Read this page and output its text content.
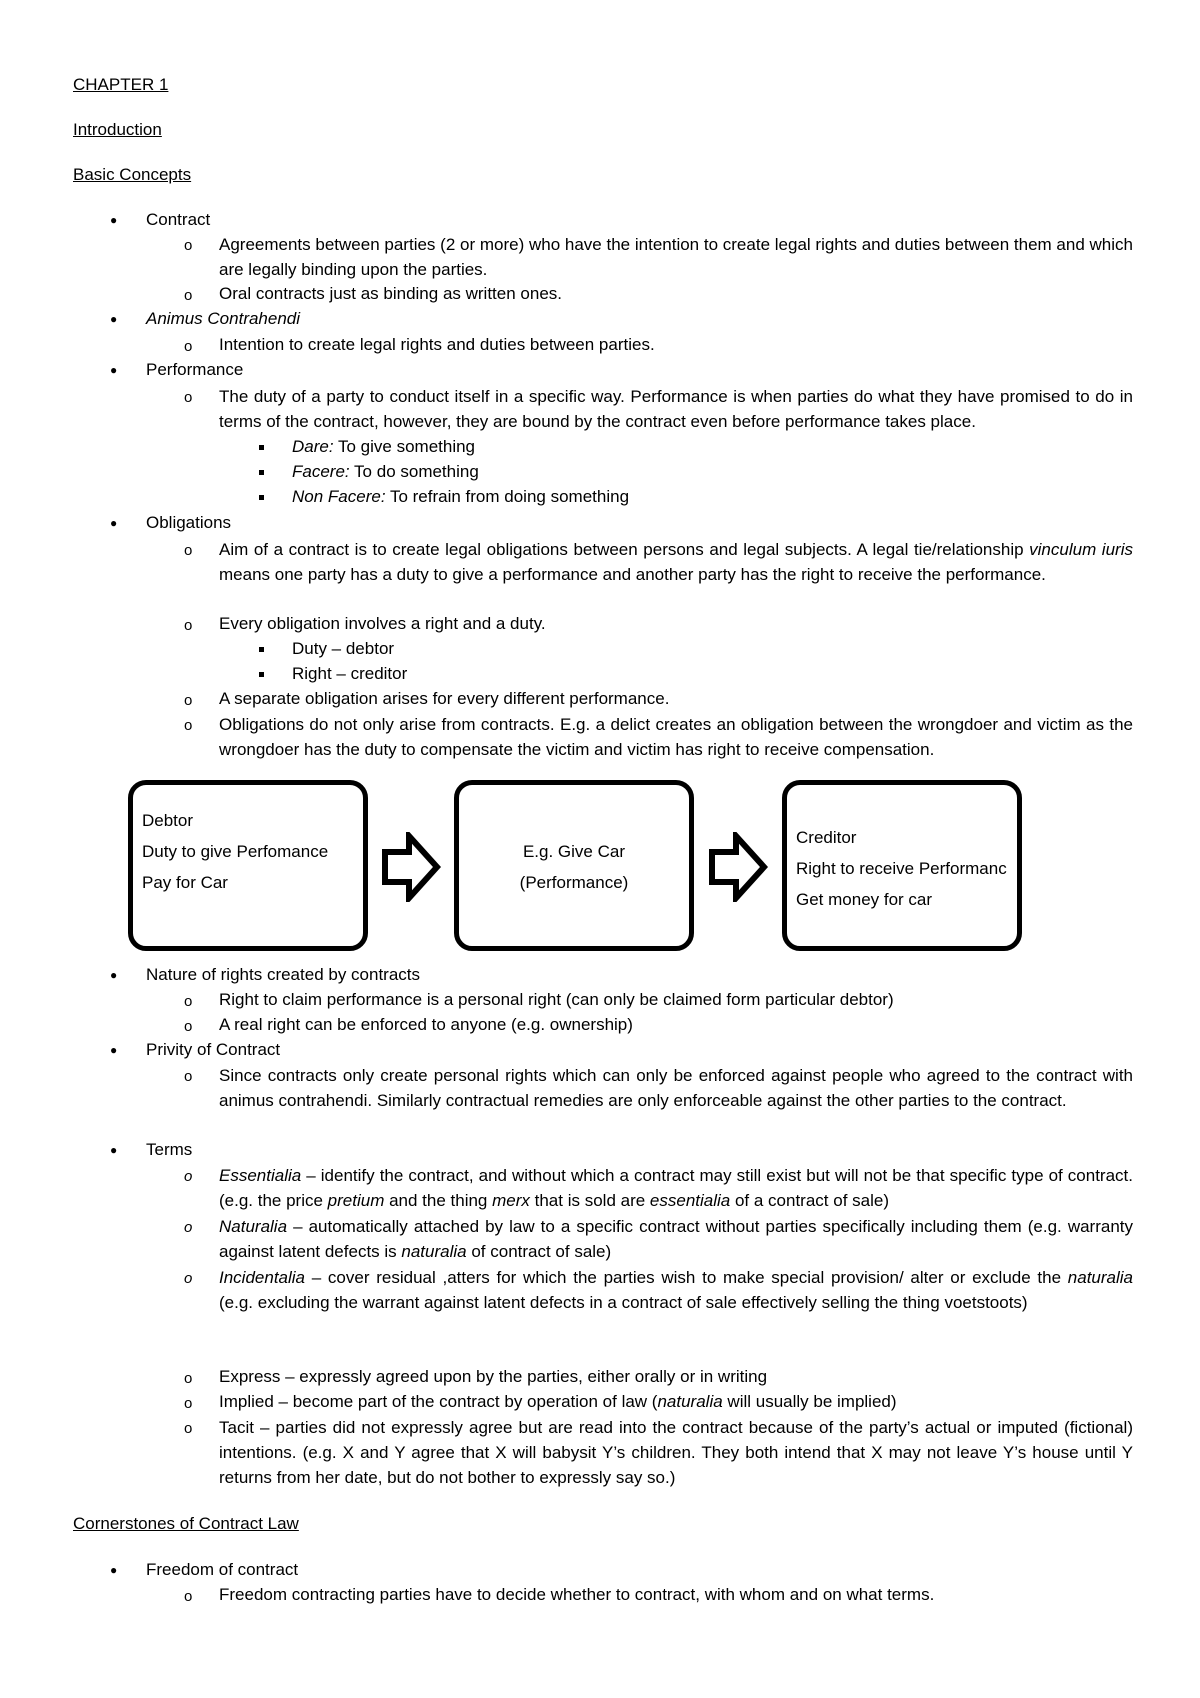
CHAPTER 1
Introduction
Basic Concepts
● Contract
o Agreements between parties (2 or more) who have the intention to create legal rights and duties between them and which are legally binding upon the parties.
o Oral contracts just as binding as written ones.
● Animus Contrahendi
o Intention to create legal rights and duties between parties.
● Performance
o The duty of a party to conduct itself in a specific way. Performance is when parties do what they have promised to do in terms of the contract, however, they are bound by the contract even before performance takes place.
Dare: To give something
Facere: To do something
Non Facere: To refrain from doing something
● Obligations
o Aim of a contract is to create legal obligations between persons and legal subjects. A legal tie/relationship vinculum iuris means one party has a duty to give a performance and another party has the right to receive the performance.
o Every obligation involves a right and a duty.
Duty – debtor
Right – creditor
o A separate obligation arises for every different performance.
o Obligations do not only arise from contracts. E.g. a delict creates an obligation between the wrongdoer and victim as the wrongdoer has the duty to compensate the victim and victim has right to receive compensation.
Debtor
Duty to give Perfomance
Pay for Car
E.g. Give Car
(Performance)
Creditor
Right to receive Performanc
Get money for car
● Nature of rights created by contracts
o Right to claim performance is a personal right (can only be claimed form particular debtor)
o A real right can be enforced to anyone (e.g. ownership)
● Privity of Contract
o Since contracts only create personal rights which can only be enforced against people who agreed to the contract with animus contrahendi. Similarly contractual remedies are only enforceable against the other parties to the contract.
● Terms
o Essentialia – identify the contract, and without which a contract may still exist but will not be that specific type of contract.(e.g. the price pretium and the thing merx that is sold are essentialia of a contract of sale)
o Naturalia – automatically attached by law to a specific contract without parties specifically including them (e.g. warranty against latent defects is naturalia of contract of sale)
o Incidentalia – cover residual ,atters for which the parties wish to make special provision/ alter or exclude the naturalia (e.g. excluding the warrant against latent defects in a contract of sale effectively selling the thing voetstoots)
o Express – expressly agreed upon by the parties, either orally or in writing
o Implied – become part of the contract by operation of law (naturalia will usually be implied)
o Tacit – parties did not expressly agree but are read into the contract because of the party’s actual or imputed (fictional) intentions. (e.g. X and Y agree that X will babysit Y’s children. They both intend that X may not leave Y’s house until Y returns from her date, but do not bother to expressly say so.)
Cornerstones of Contract Law
● Freedom of contract
o Freedom contracting parties have to decide whether to contract, with whom and on what terms.
